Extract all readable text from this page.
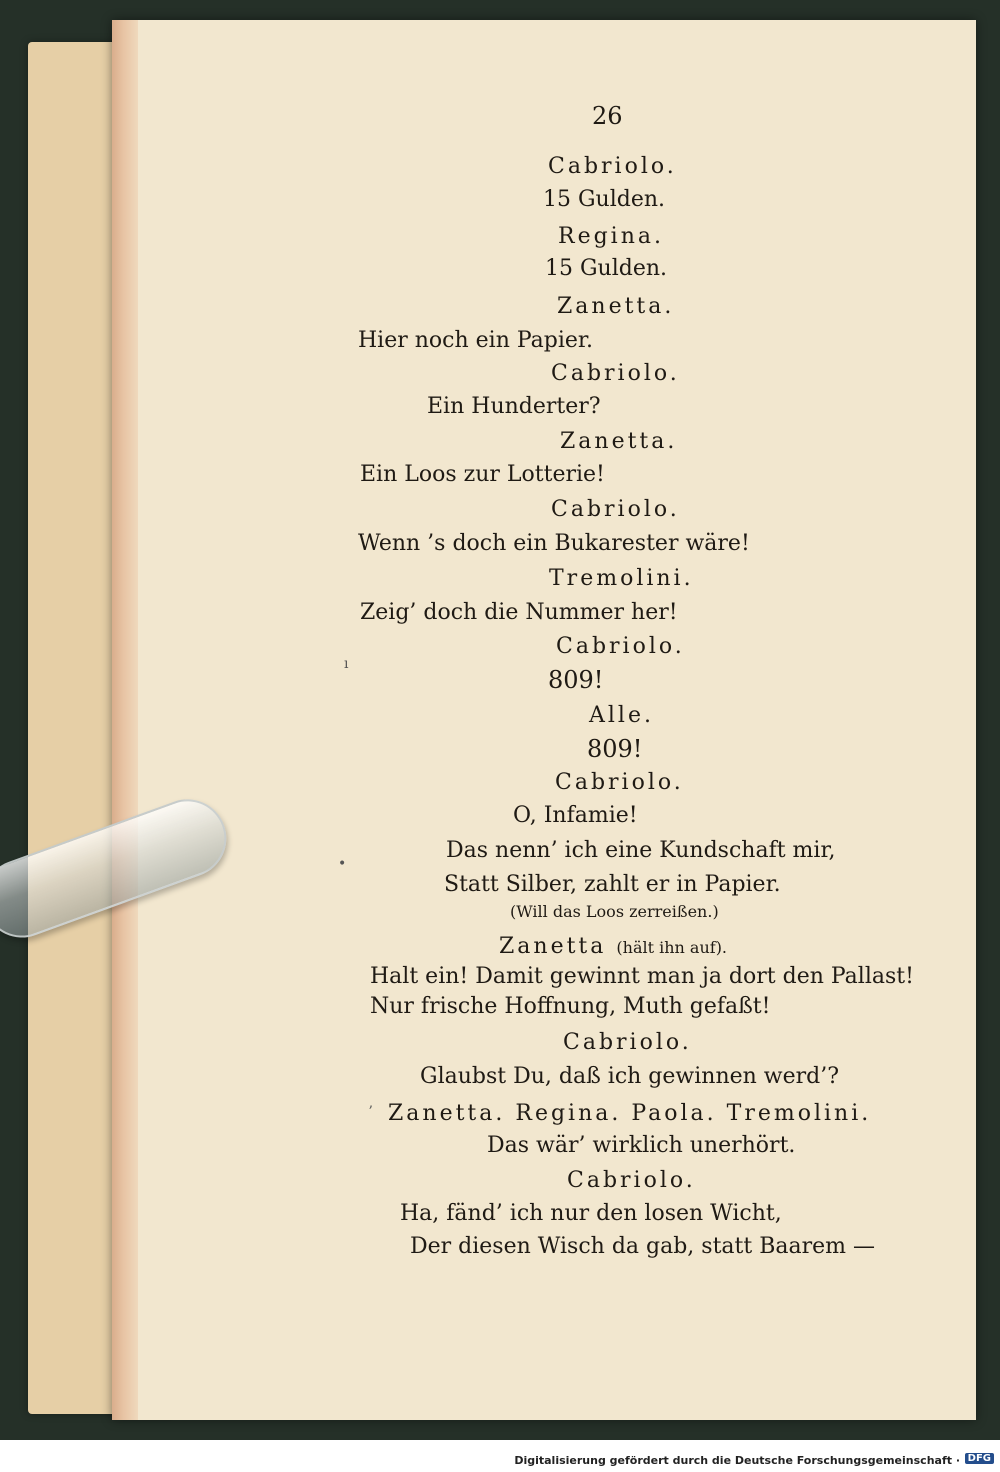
26
Cabriolo.
15 Gulden.
Regina.
15 Gulden.
Zanetta.
Hier noch ein Papier.
Cabriolo.
Ein Hunderter?
Zanetta.
Ein Loos zur Lotterie!
Cabriolo.
Wenn ’s doch ein Bukarester wäre!
Tremolini.
Zeig’ doch die Nummer her!
Cabriolo.
809!
Alle.
809!
Cabriolo.
O, Infamie!
Das nenn’ ich eine Kundschaft mir,
Statt Silber, zahlt er in Papier.
(Will das Loos zerreißen.)
Zanetta (hält ihn auf).
Halt ein! Damit gewinnt man ja dort den Pallast!
Nur frische Hoffnung, Muth gefaßt!
Cabriolo.
Glaubst Du, daß ich gewinnen werd’?
Zanetta. Regina. Paola. Tremolini.
Das wär’ wirklich unerhört.
Cabriolo.
Ha, fänd’ ich nur den losen Wicht,
Der diesen Wisch da gab, statt Baarem —
ı
•
ʼ
Digitalisierung gefördert durch die Deutsche Forschungsgemeinschaft · DFG
